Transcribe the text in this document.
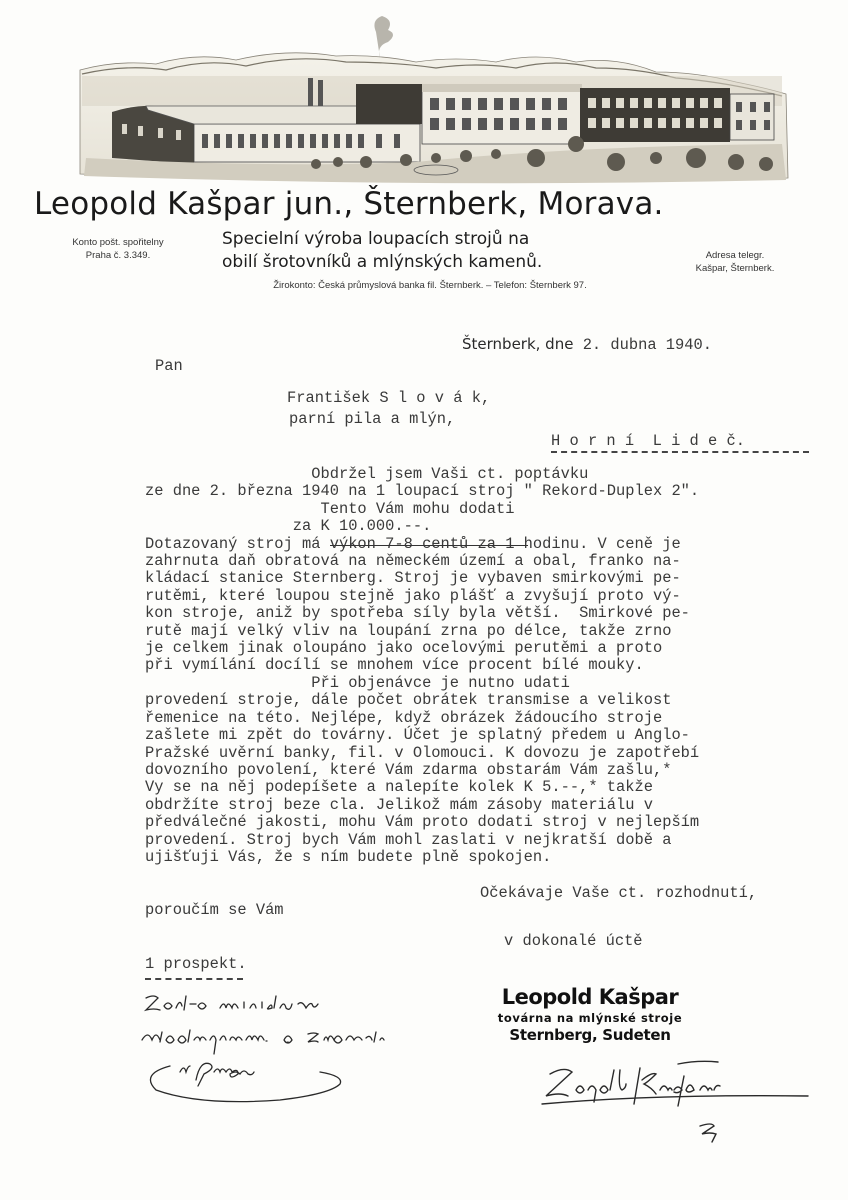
Leopold Kašpar jun., Šternberk, Morava.
Konto pošt. spořitelny
Praha č. 3.349.
Specielní výroba loupacích strojů na
obilí šrotovníků a mlýnských kamenů.	Adresa telegr.
Kašpar, Šternberk.
Žirokonto: Česká průmyslová banka fil. Šternberk. – Telefon: Šternberk 97.
Šternberk, dne 2. dubna 1940.
Pan
František S l o v á k,
parní pila a mlýn,
H o r n í  L i d e č.
Obdržel jsem Vaši ct. poptávku
ze dne 2. března 1940 na 1 loupací stroj " Rekord-Duplex 2".
Tento Vám mohu dodati
za K 10.000.--.
Dotazovaný stroj má výkon 7-8 centů za 1 hodinu. V ceně je
zahrnuta daň obratová na německém území a obal, franko na-
kládací stanice Sternberg. Stroj je vybaven smirkovými pe-
rutěmi, které loupou stejně jako plášť a zvyšují proto vý-
kon stroje, aniž by spotřeba síly byla větší.  Smirkové pe-
rutě mají velký vliv na loupání zrna po délce, takže zrno
je celkem jinak oloupáno jako ocelovými perutěmi a proto
při vymílání docílí se mnohem více procent bílé mouky.
Při objenávce je nutno udati
provedení stroje, dále počet obrátek transmise a velikost
řemenice na této. Nejlépe, když obrázek žádoucího stroje
zašlete mi zpět do továrny. Účet je splatný předem u Anglo-
Pražské uvěrní banky, fil. v Olomouci. K dovozu je zapotřebí
dovozního povolení, které Vám zdarma obstarám Vám zašlu,*
Vy se na něj podepíšete a nalepíte kolek K 5.--,* takže
obdržíte stroj beze cla. Jelikož mám zásoby materiálu v
předválečné jakosti, mohu Vám proto dodati stroj v nejlepším
provedení. Stroj bych Vám mohl zaslati v nejkratší době a
ujišťuji Vás, že s ním budete plně spokojen.
Očekávaje Vaše ct. rozhodnutí,
poroučím se Vám
v dokonalé úctě
1 prospekt.
Leopold Kašpar
továrna na mlýnské stroje
Sternberg, Sudeten
